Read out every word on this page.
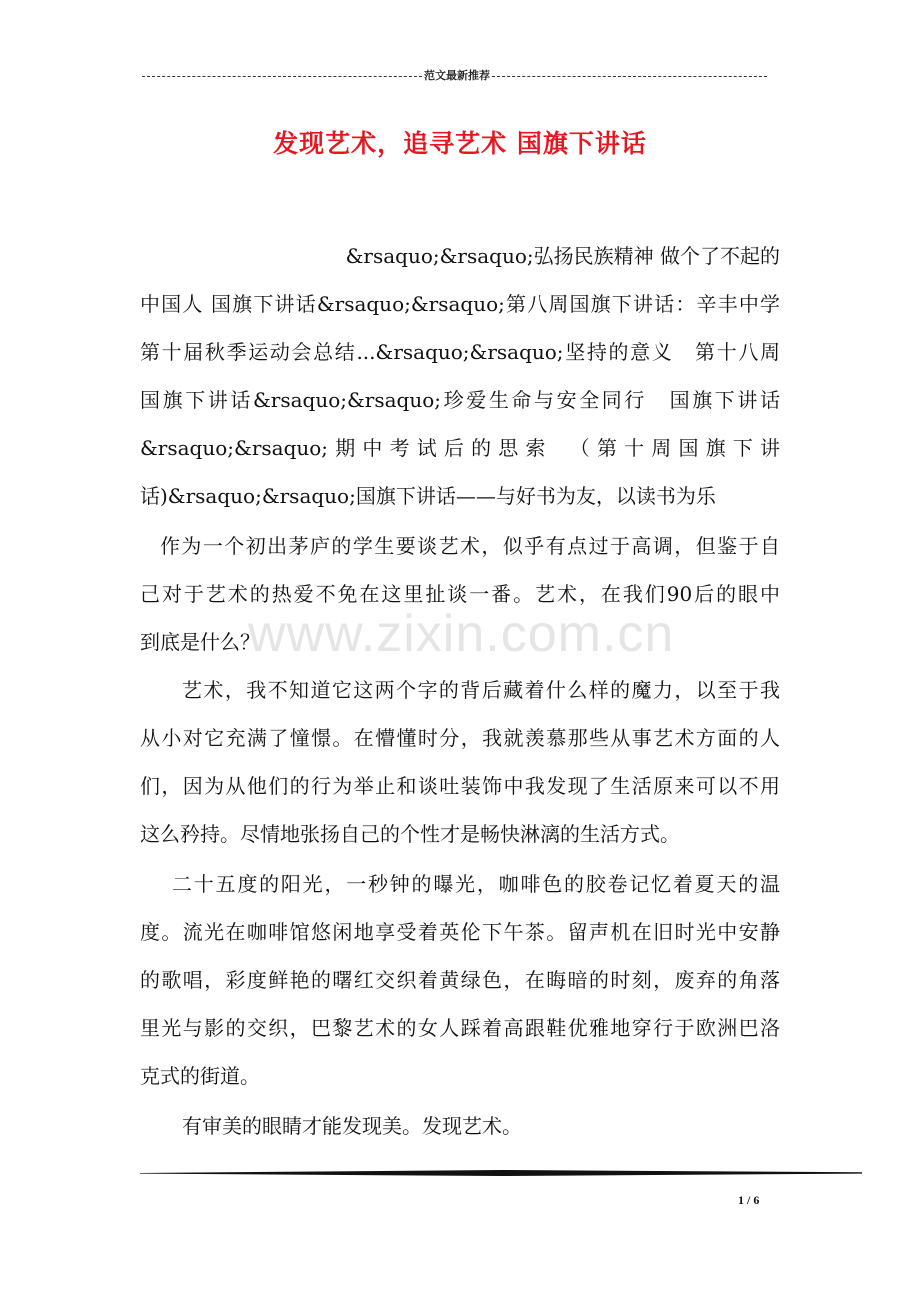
范文最新推荐
发现艺术，追寻艺术 国旗下讲话
&rsaquo;&rsaquo;弘扬民族精神 做个了不起的
中国人 国旗下讲话&rsaquo;&rsaquo;第八周国旗下讲话：辛丰中学
第十届秋季运动会总结...&rsaquo;&rsaquo;坚持的意义　第十八周
国旗下讲话&rsaquo;&rsaquo;珍爱生命与安全同行　国旗下讲话
&rsaquo;&rsaquo;期中考试后的思索　（第十周国旗下讲
话)&rsaquo;&rsaquo;国旗下讲话——与好书为友，以读书为乐
作为一个初出茅庐的学生要谈艺术，似乎有点过于高调，但鉴于自
己对于艺术的热爱不免在这里扯谈一番。艺术，在我们90后的眼中
到底是什么？
艺术，我不知道它这两个字的背后藏着什么样的魔力，以至于我
从小对它充满了憧憬。在懵懂时分，我就羡慕那些从事艺术方面的人
们，因为从他们的行为举止和谈吐装饰中我发现了生活原来可以不用
这么矜持。尽情地张扬自己的个性才是畅快淋漓的生活方式。
二十五度的阳光，一秒钟的曝光，咖啡色的胶卷记忆着夏天的温
度。流光在咖啡馆悠闲地享受着英伦下午茶。留声机在旧时光中安静
的歌唱，彩度鲜艳的曙红交织着黄绿色，在晦暗的时刻，废弃的角落
里光与影的交织，巴黎艺术的女人踩着高跟鞋优雅地穿行于欧洲巴洛
克式的街道。
有审美的眼睛才能发现美。发现艺术。
www.zixin.com.cn
1 / 6
